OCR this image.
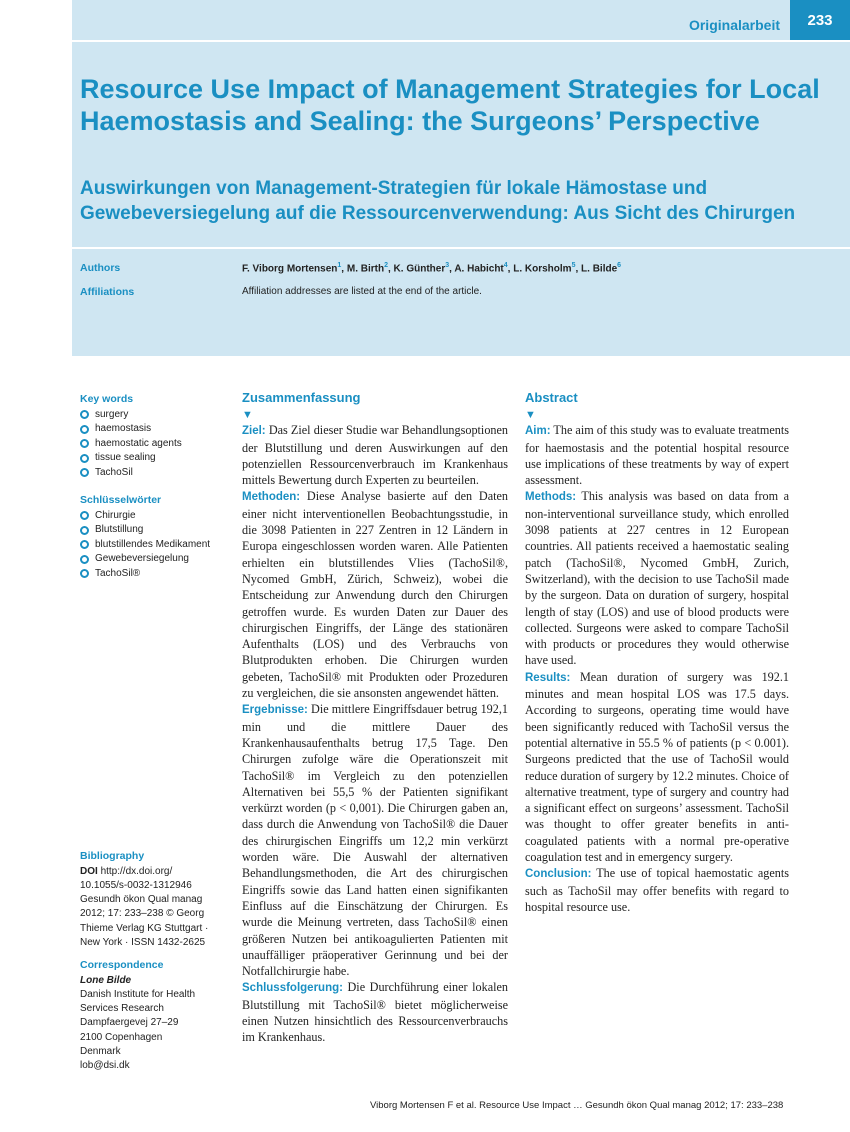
Originalarbeit	233
Resource Use Impact of Management Strategies for Local Haemostasis and Sealing: the Surgeons’ Perspective
Auswirkungen von Management-Strategien für lokale Hämostase und Gewebeversiegelung auf die Ressourcenverwendung: Aus Sicht des Chirurgen
Authors	F. Viborg Mortensen$^1$, M. Birth$^2$, K. Günther$^3$, A. Habicht$^4$, L. Korsholm$^5$, L. Bilde$^6$
Affiliations	Affiliation addresses are listed at the end of the article.
Key words
surgery
haemostasis
haemostatic agents
tissue sealing
TachoSil
Schlüsselwörter
Chirurgie
Blutstillung
blutstillendes Medikament
Gewebeversiegelung
TachoSil®
Bibliography
DOI http://dx.doi.org/
10.1055/s-0032-1312946
Gesundh ökon Qual manag
2012; 17: 233–238 © Georg
Thieme Verlag KG Stuttgart ·
New York · ISSN 1432-2625
Correspondence
Lone Bilde
Danish Institute for Health
Services Research
Dampfaergevej 27–29
2100 Copenhagen
Denmark
lob@dsi.dk
Zusammenfassung
▼

Ziel: Das Ziel dieser Studie war Behandlungsoptionen der Blutstillung und deren Auswirkungen auf den potenziellen Ressourcenverbrauch im Krankenhaus mittels Bewertung durch Experten zu beurteilen.

Methoden: Diese Analyse basierte auf den Daten einer nicht interventionellen Beobachtungsstudie, in die 3098 Patienten in 227 Zentren in 12 Ländern in Europa eingeschlossen worden waren. Alle Patienten erhielten ein blutstillendes Vlies (TachoSil®, Nycomed GmbH, Zürich, Schweiz), wobei die Entscheidung zur Anwendung durch den Chirurgen getroffen wurde. Es wurden Daten zur Dauer des chirurgischen Eingriffs, der Länge des stationären Aufenthalts (LOS) und des Verbrauchs von Blutprodukten erhoben. Die Chirurgen wurden gebeten, TachoSil® mit Produkten oder Prozeduren zu vergleichen, die sie ansonsten angewendet hätten.

Ergebnisse: Die mittlere Eingriffsdauer betrug 192,1 min und die mittlere Dauer des Krankenhausaufenthalts betrug 17,5 Tage. Den Chirurgen zufolge wäre die Operationszeit mit TachoSil® im Vergleich zu den potenziellen Alternativen bei 55,5 % der Patienten signifikant verkürzt worden (p < 0,001). Die Chirurgen gaben an, dass durch die Anwendung von TachoSil® die Dauer des chirurgischen Eingriffs um 12,2 min verkürzt worden wäre. Die Auswahl der alternativen Behandlungsmethoden, die Art des chirurgischen Eingriffs sowie das Land hatten einen signifikanten Einfluss auf die Einschätzung der Chirurgen. Es wurde die Meinung vertreten, dass TachoSil® einen größeren Nutzen bei antikoagulierten Patienten mit unauffälliger präoperativer Gerinnung und bei der Notfallchirurgie habe.

Schlussfolgerung: Die Durchführung einer lokalen Blutstillung mit TachoSil® bietet möglicherweise einen Nutzen hinsichtlich des Ressourcenverbrauchs im Krankenhaus.

Abstract
▼

Aim: The aim of this study was to evaluate treatments for haemostasis and the potential hospital resource use implications of these treatments by way of expert assessment.

Methods: This analysis was based on data from a non-interventional surveillance study, which enrolled 3098 patients at 227 centres in 12 European countries. All patients received a haemostatic sealing patch (TachoSil®, Nycomed GmbH, Zurich, Switzerland), with the decision to use TachoSil made by the surgeon. Data on duration of surgery, hospital length of stay (LOS) and use of blood products were collected. Surgeons were asked to compare TachoSil with products or procedures they would otherwise have used.

Results: Mean duration of surgery was 192.1 minutes and mean hospital LOS was 17.5 days. According to surgeons, operating time would have been significantly reduced with TachoSil versus the potential alternative in 55.5 % of patients (p < 0.001). Surgeons predicted that the use of TachoSil would reduce duration of surgery by 12.2 minutes. Choice of alternative treatment, type of surgery and country had a significant effect on surgeons’ assessment. TachoSil was thought to offer greater benefits in anti-coagulated patients with a normal pre-operative coagulation test and in emergency surgery.

Conclusion: The use of topical haemostatic agents such as TachoSil may offer benefits with regard to hospital resource use.

Viborg Mortensen F et al. Resource Use Impact … Gesundh ökon Qual manag 2012; 17: 233–238
